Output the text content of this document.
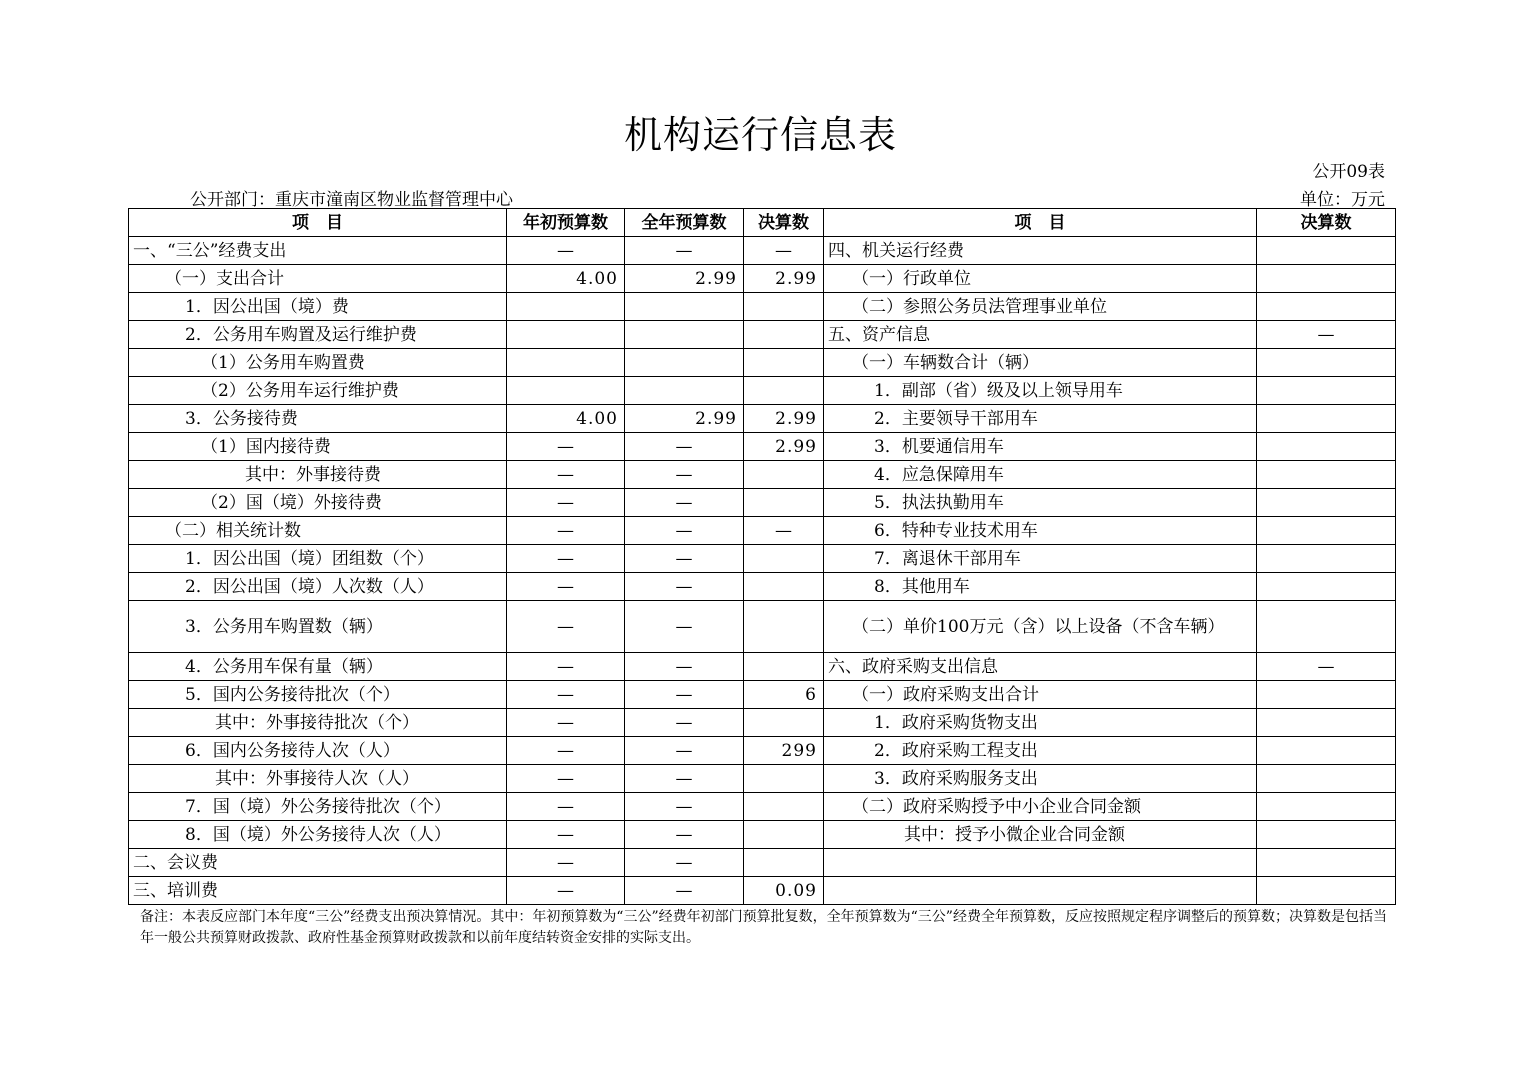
机构运行信息表
公开09表
公开部门：重庆市潼南区物业监督管理中心	单位：万元
项　目	年初预算数	全年预算数	决算数	项　目	决算数
一、“三公”经费支出	—	—	—	四、机关运行经费	
（一）支出合计	4.00	2.99	2.99	（一）行政单位	
1．因公出国（境）费				（二）参照公务员法管理事业单位	
2．公务用车购置及运行维护费				五、资产信息	—
（1）公务用车购置费				（一）车辆数合计（辆）	
（2）公务用车运行维护费				1．副部（省）级及以上领导用车	
3．公务接待费	4.00	2.99	2.99	2．主要领导干部用车	
（1）国内接待费	—	—	2.99	3．机要通信用车	
其中：外事接待费	—	—		4．应急保障用车	
（2）国（境）外接待费	—	—		5．执法执勤用车	
（二）相关统计数	—	—	—	6．特种专业技术用车	
1．因公出国（境）团组数（个）	—	—		7．离退休干部用车	
2．因公出国（境）人次数（人）	—	—		8．其他用车	
3．公务用车购置数（辆）	—	—		（二）单价100万元（含）以上设备（不含车辆）	
4．公务用车保有量（辆）	—	—		六、政府采购支出信息	—
5．国内公务接待批次（个）	—	—	6	（一）政府采购支出合计	
其中：外事接待批次（个）	—	—		1．政府采购货物支出	
6．国内公务接待人次（人）	—	—	299	2．政府采购工程支出	
其中：外事接待人次（人）	—	—		3．政府采购服务支出	
7．国（境）外公务接待批次（个）	—	—		（二）政府采购授予中小企业合同金额	
8．国（境）外公务接待人次（人）	—	—		其中：授予小微企业合同金额	
二、会议费	—	—			
三、培训费	—	—	0.09		
备注：本表反应部门本年度“三公”经费支出预决算情况。其中：年初预算数为“三公”经费年初部门预算批复数，全年预算数为“三公”经费全年预算数，反应按照规定程序调整后的预算数；决算数是包括当年一般公共预算财政拨款、政府性基金预算财政拨款和以前年度结转资金安排的实际支出。
